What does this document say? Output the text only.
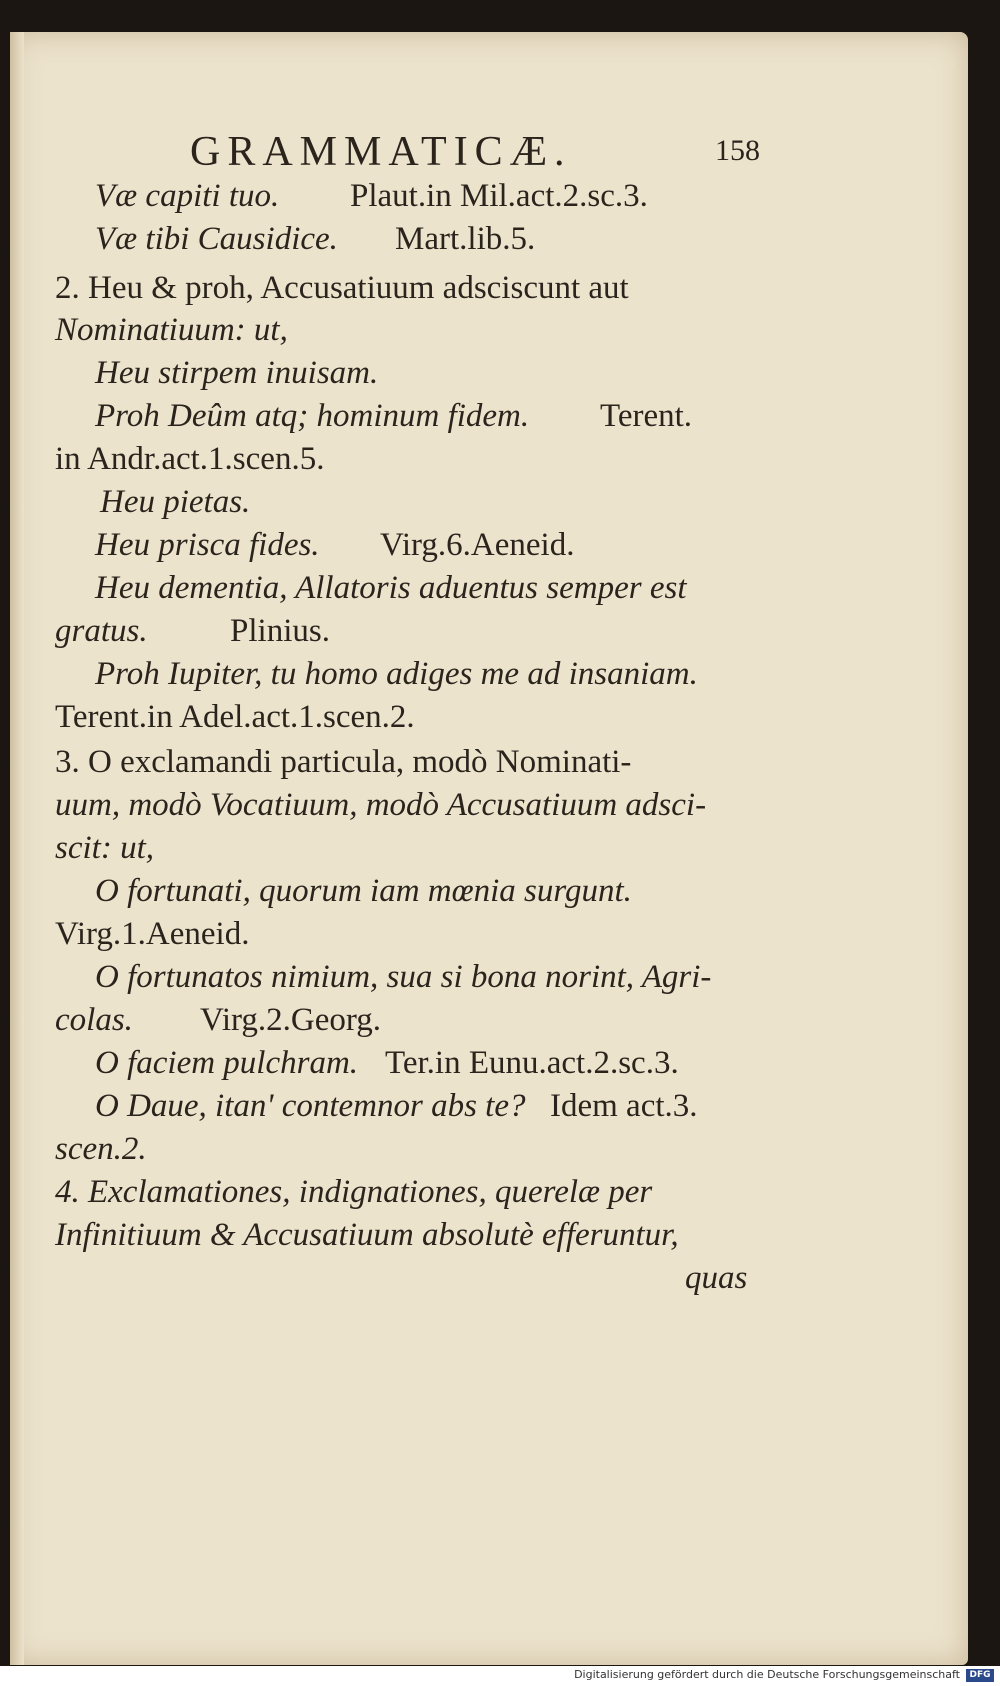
GRAMMATICÆ.	158
Væ capiti tuo. Plaut.in Mil.act.2.sc.3.
Væ tibi Causidice. Mart.lib.5.
2. Heu & proh, Accusatiuum adsciscunt aut
Nominatiuum: ut,
Heu stirpem inuisam.
Proh Deûm atq; hominum fidem. Terent.
in Andr.act.1.scen.5.
Heu pietas.
Heu prisca fides. Virg.6.Aeneid.
Heu dementia, Allatoris aduentus semper est
gratus. Plinius.
Proh Iupiter, tu homo adiges me ad insaniam.
Terent.in Adel.act.1.scen.2.
3. O exclamandi particula, modò Nominati-
uum, modò Vocatiuum, modò Accusatiuum adsci-
scit: ut,
O fortunati, quorum iam mœnia surgunt.
Virg.1.Aeneid.
O fortunatos nimium, sua si bona norint, Agri-
colas. Virg.2.Georg.
O faciem pulchram. Ter.in Eunu.act.2.sc.3.
O Daue, itan' contemnor abs te? Idem act.3.
scen.2.
4. Exclamationes, indignationes, querelæ per
Infinitiuum & Accusatiuum absolutè efferuntur,
quas
Digitalisierung gefördert durch die Deutsche Forschungsgemeinschaft	DFG
